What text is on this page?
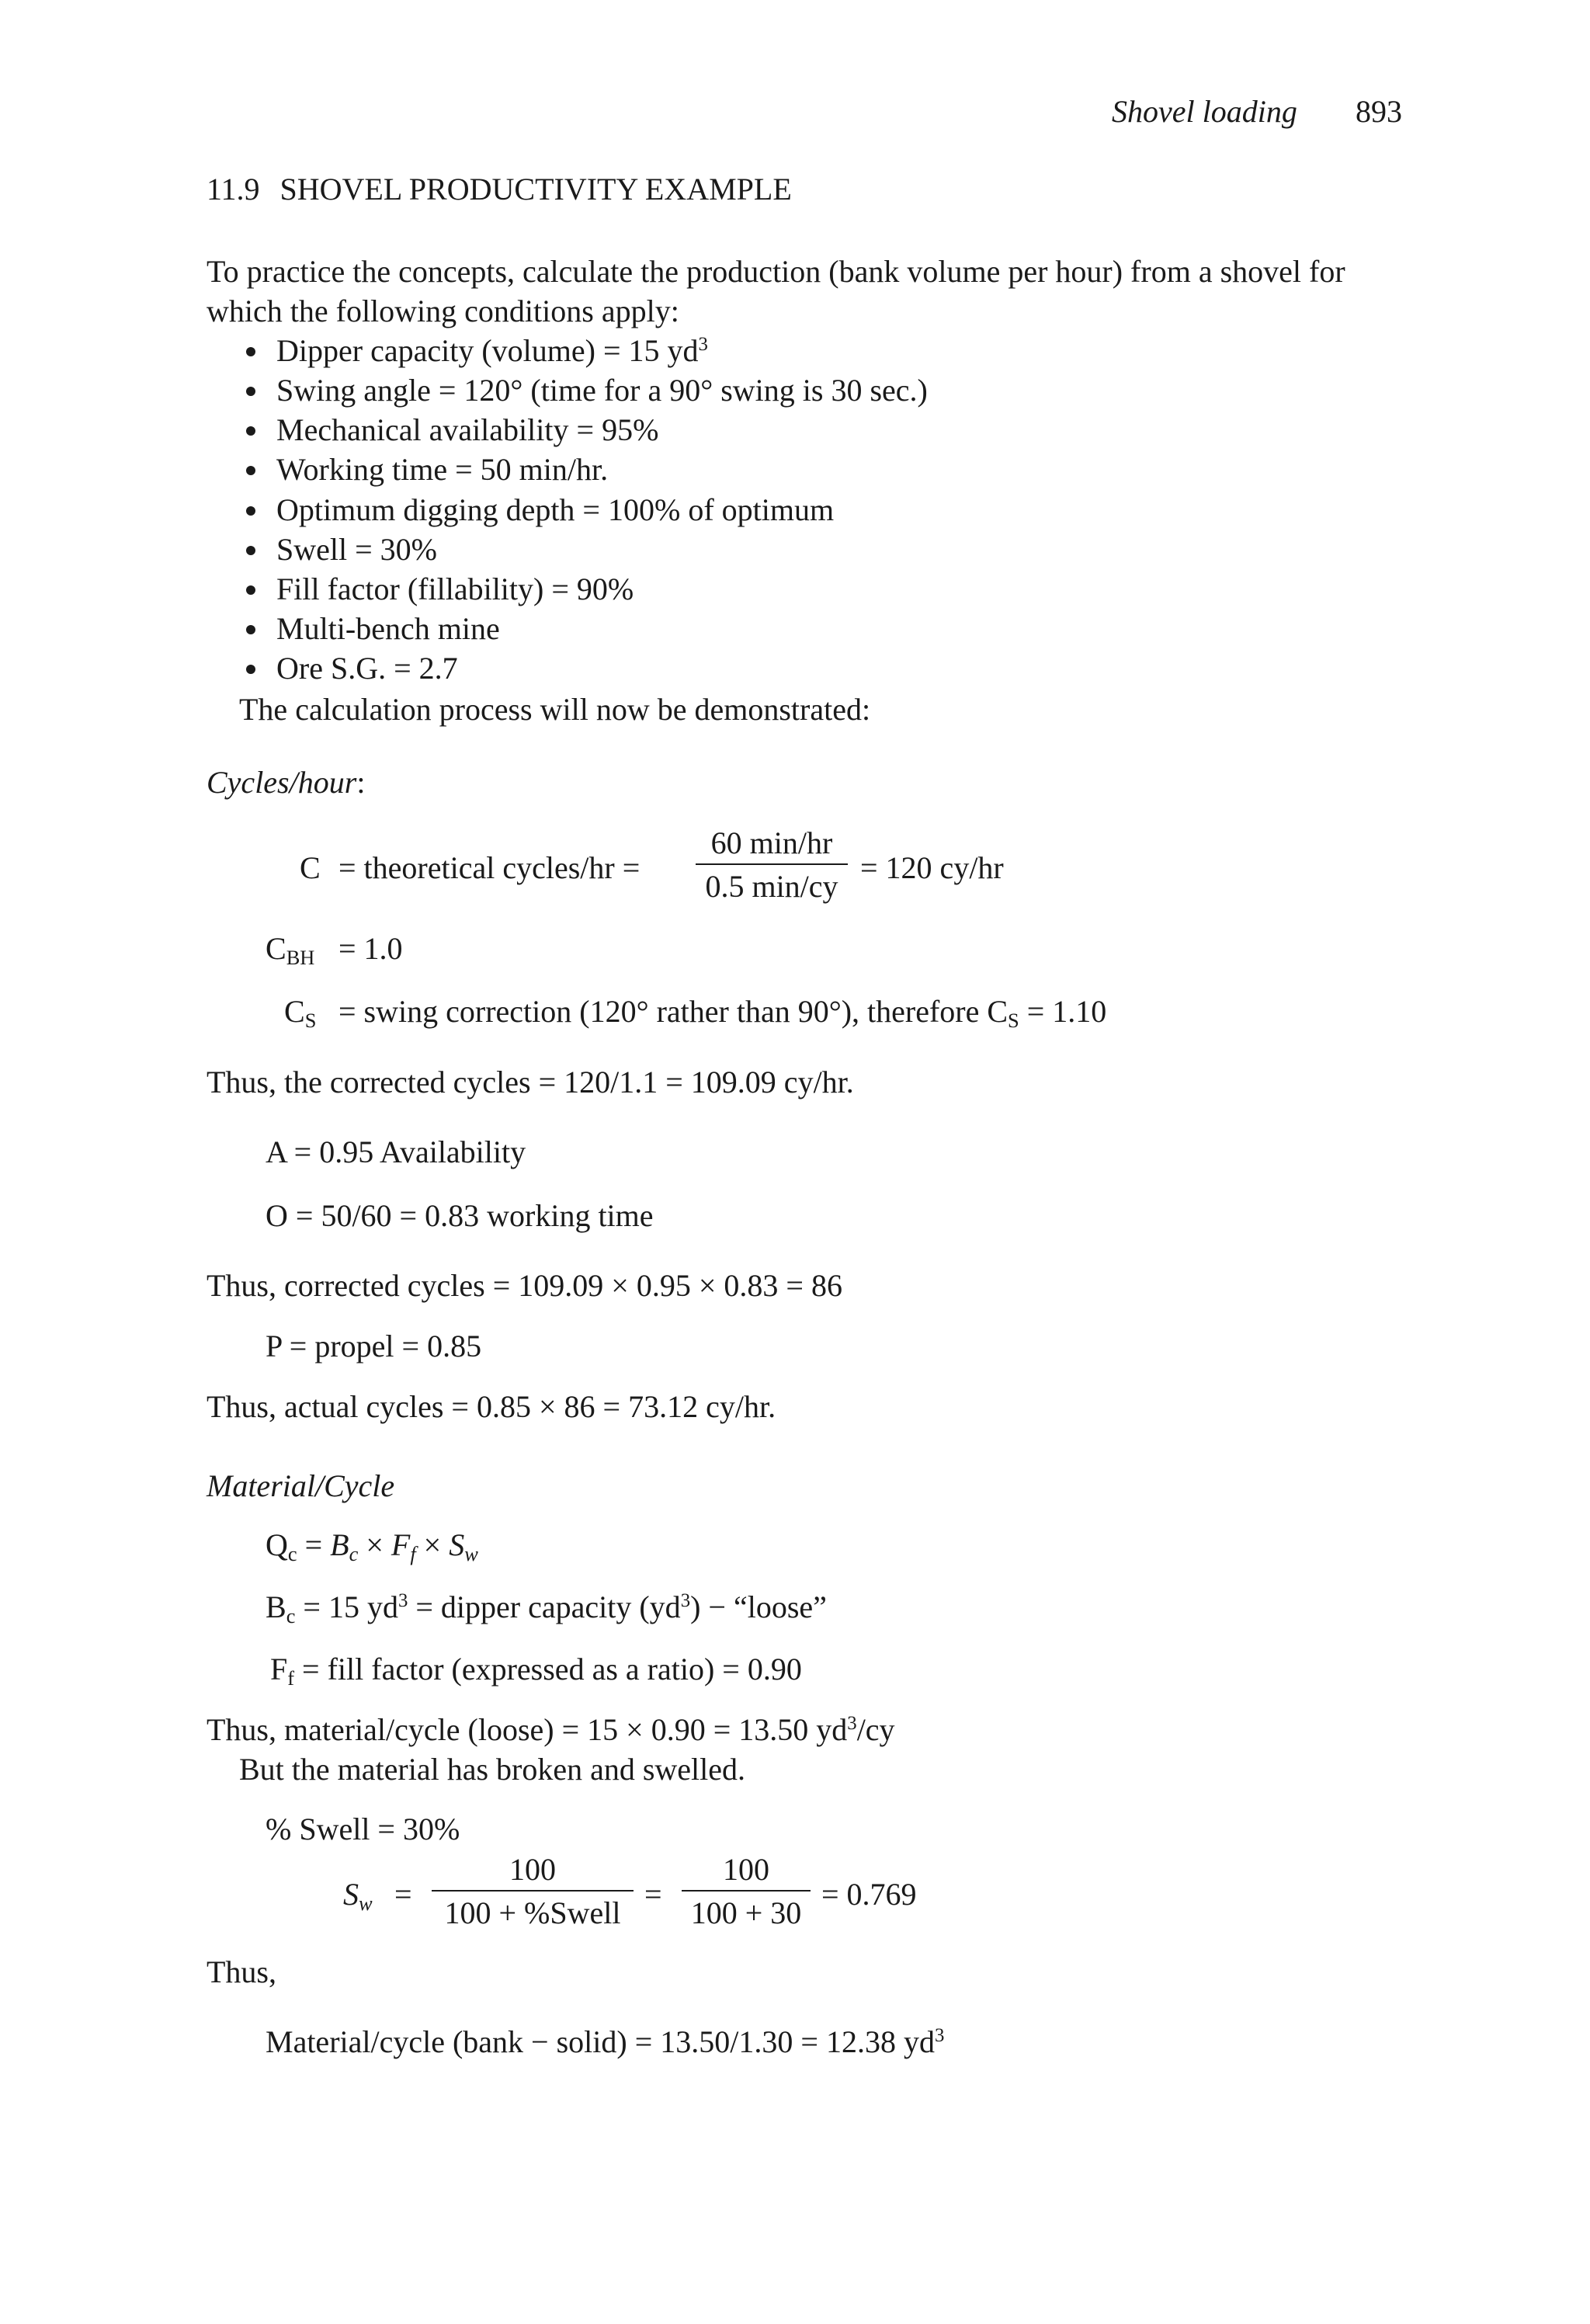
Shovel loading 893
11.9 SHOVEL PRODUCTIVITY EXAMPLE
To practice the concepts, calculate the production (bank volume per hour) from a shovel for
which the following conditions apply:
Dipper capacity (volume) = 15 $yd^3$
Swing angle = 120° (time for a 90° swing is 30 sec.)
Mechanical availability = 95%
Working time = 50 min/hr.
Optimum digging depth = 100% of optimum
Swell = 30%
Fill factor (fillability) = 90%
Multi-bench mine
Ore S.G. = 2.7
The calculation process will now be demonstrated:
Cycles/hour:
C = theoretical cycles/hr =
60 min/hr
0.5 min/cy
= 120 cy/hr
$C_{BH} = 1.0$
$C_S$ = swing correction (120° rather than 90°), therefore $C_S = 1.10$
Thus, the corrected cycles = 120/1.1 = 109.09 cy/hr.
A = 0.95 Availability
O = 50/60 = 0.83 working time
Thus, corrected cycles = 109.09 × 0.95 × 0.83 = 86
P = propel = 0.85
Thus, actual cycles = 0.85 × 86 = 73.12 cy/hr.
Material/Cycle
$Q_c = B_c \times F_f \times S_w$
$B_c = 15$ $yd^3$ = dipper capacity $(yd^3)$ − “loose”
$F_f$ = fill factor (expressed as a ratio) = 0.90
Thus, material/cycle (loose) = 15 × 0.90 = 13.50 $yd^3/cy$
But the material has broken and swelled.
% Swell = 30%
$S_w$ =
100
100 + %Swell
=
100
100 + 30
= 0.769
Thus,
Material/cycle (bank − solid) = 13.50/1.30 = 12.38 $yd^3$
